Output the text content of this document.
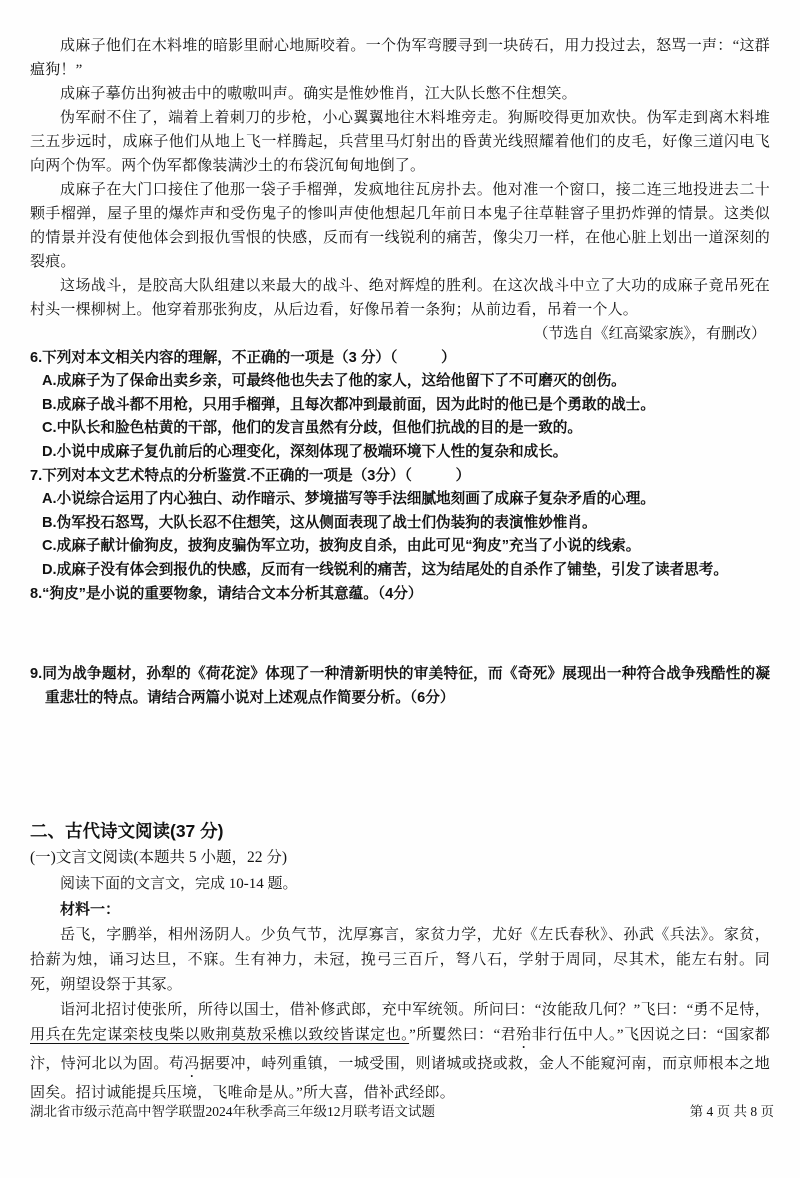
成麻子他们在木料堆的暗影里耐心地厮咬着。一个伪军弯腰寻到一块砖石，用力投过去，怒骂一声：“这群瘟狗！”

成麻子摹仿出狗被击中的嗷嗷叫声。确实是惟妙惟肖，江大队长憋不住想笑。

伪军耐不住了，端着上着刺刀的步枪，小心翼翼地往木料堆旁走。狗厮咬得更加欢快。伪军走到离木料堆三五步远时，成麻子他们从地上飞一样腾起，兵营里马灯射出的昏黄光线照耀着他们的皮毛，好像三道闪电飞向两个伪军。两个伪军都像装满沙土的布袋沉甸甸地倒了。

成麻子在大门口接住了他那一袋子手榴弹，发疯地往瓦房扑去。他对准一个窗口，接二连三地投进去二十颗手榴弹，屋子里的爆炸声和受伤鬼子的惨叫声使他想起几年前日本鬼子往草鞋窨子里扔炸弹的情景。这类似的情景并没有使他体会到报仇雪恨的快感，反而有一线锐利的痛苦，像尖刀一样，在他心脏上划出一道深刻的裂痕。

这场战斗，是胶高大队组建以来最大的战斗、绝对辉煌的胜利。在这次战斗中立了大功的成麻子竟吊死在村头一棵柳树上。他穿着那张狗皮，从后边看，好像吊着一条狗；从前边看，吊着一个人。

（节选自《红高粱家族》，有删改）
6.下列对本文相关内容的理解，不正确的一项是（3 分）（　　　）
A.成麻子为了保命出卖乡亲，可最终他也失去了他的家人，这给他留下了不可磨灭的创伤。
B.成麻子战斗都不用枪，只用手榴弹，且每次都冲到最前面，因为此时的他已是个勇敢的战士。
C.中队长和脸色枯黄的干部，他们的发言虽然有分歧，但他们抗战的目的是一致的。
D.小说中成麻子复仇前后的心理变化，深刻体现了极端环境下人性的复杂和成长。
7.下列对本文艺术特点的分析鉴赏.不正确的一项是（3分）（　　　）
A.小说综合运用了内心独白、动作暗示、梦境描写等手法细腻地刻画了成麻子复杂矛盾的心理。
B.伪军投石怒骂，大队长忍不住想笑，这从侧面表现了战士们伪装狗的表演惟妙惟肖。
C.成麻子献计偷狗皮，披狗皮骗伪军立功，披狗皮自杀，由此可见“狗皮”充当了小说的线索。
D.成麻子没有体会到报仇的快感，反而有一线锐利的痛苦，这为结尾处的自杀作了铺垫，引发了读者思考。
8.“狗皮”是小说的重要物象，请结合文本分析其意蕴。（4分）
9.同为战争题材，孙犁的《荷花淀》体现了一种清新明快的审美特征，而《奇死》展现出一种符合战争残酷性的凝重悲壮的特点。请结合两篇小说对上述观点作简要分析。（6分）
二、古代诗文阅读(37 分)
(一)文言文阅读(本题共 5 小题，22 分)
阅读下面的文言文，完成 10-14 题。
材料一：

岳飞，字鹏举，相州汤阴人。少负气节，沈厚寡言，家贫力学，尤好《左氏春秋》、孙武《兵法》。家贫，拾薪为烛，诵习达旦，不寐。生有神力，未冠，挽弓三百斤，弩八石，学射于周同，尽其术，能左右射。同死，朔望设祭于其冢。

诣河北招讨使张所，所待以国士，借补修武郎，充中军统领。所问曰：“汝能敌几何？”飞曰：“勇不足恃，用兵在先定谋栾枝曳柴以败荆莫敖采樵以致绞皆谋定也。”所矍然曰：“君殆非行伍中人。”飞因说之曰：“国家都汴，恃河北以为固。苟冯据要冲，峙列重镇，一城受围，则诸城或挠或救，金人不能窥河南，而京师根本之地固矣。招讨诚能提兵压境，飞唯命是从。”所大喜，借补武经郎。

湖北省市级示范高中智学联盟2024年秋季高三年级12月联考语文试题	第 4 页 共 8 页
